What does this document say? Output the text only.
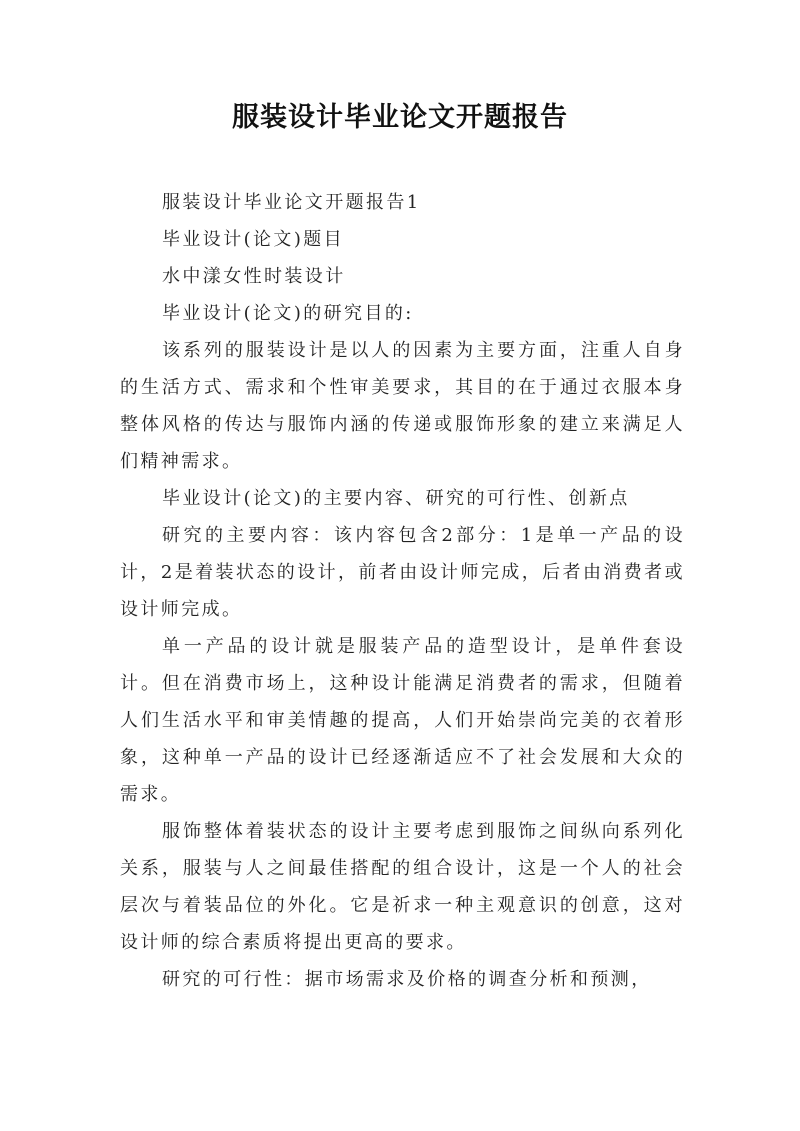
服装设计毕业论文开题报告

服装设计毕业论文开题报告1

毕业设计(论文)题目

水中漾女性时装设计

毕业设计(论文)的研究目的:

该系列的服装设计是以人的因素为主要方面，注重人自身的生活方式、需求和个性审美要求，其目的在于通过衣服本身整体风格的传达与服饰内涵的传递或服饰形象的建立来满足人们精神需求。

毕业设计(论文)的主要内容、研究的可行性、创新点

研究的主要内容：该内容包含2部分：1是单一产品的设计，2是着装状态的设计，前者由设计师完成，后者由消费者或设计师完成。

单一产品的设计就是服装产品的造型设计，是单件套设计。但在消费市场上，这种设计能满足消费者的需求，但随着人们生活水平和审美情趣的提高，人们开始崇尚完美的衣着形象，这种单一产品的设计已经逐渐适应不了社会发展和大众的需求。

服饰整体着装状态的设计主要考虑到服饰之间纵向系列化关系，服装与人之间最佳搭配的组合设计，这是一个人的社会层次与着装品位的外化。它是祈求一种主观意识的创意，这对设计师的综合素质将提出更高的要求。

研究的可行性：据市场需求及价格的调查分析和预测，
